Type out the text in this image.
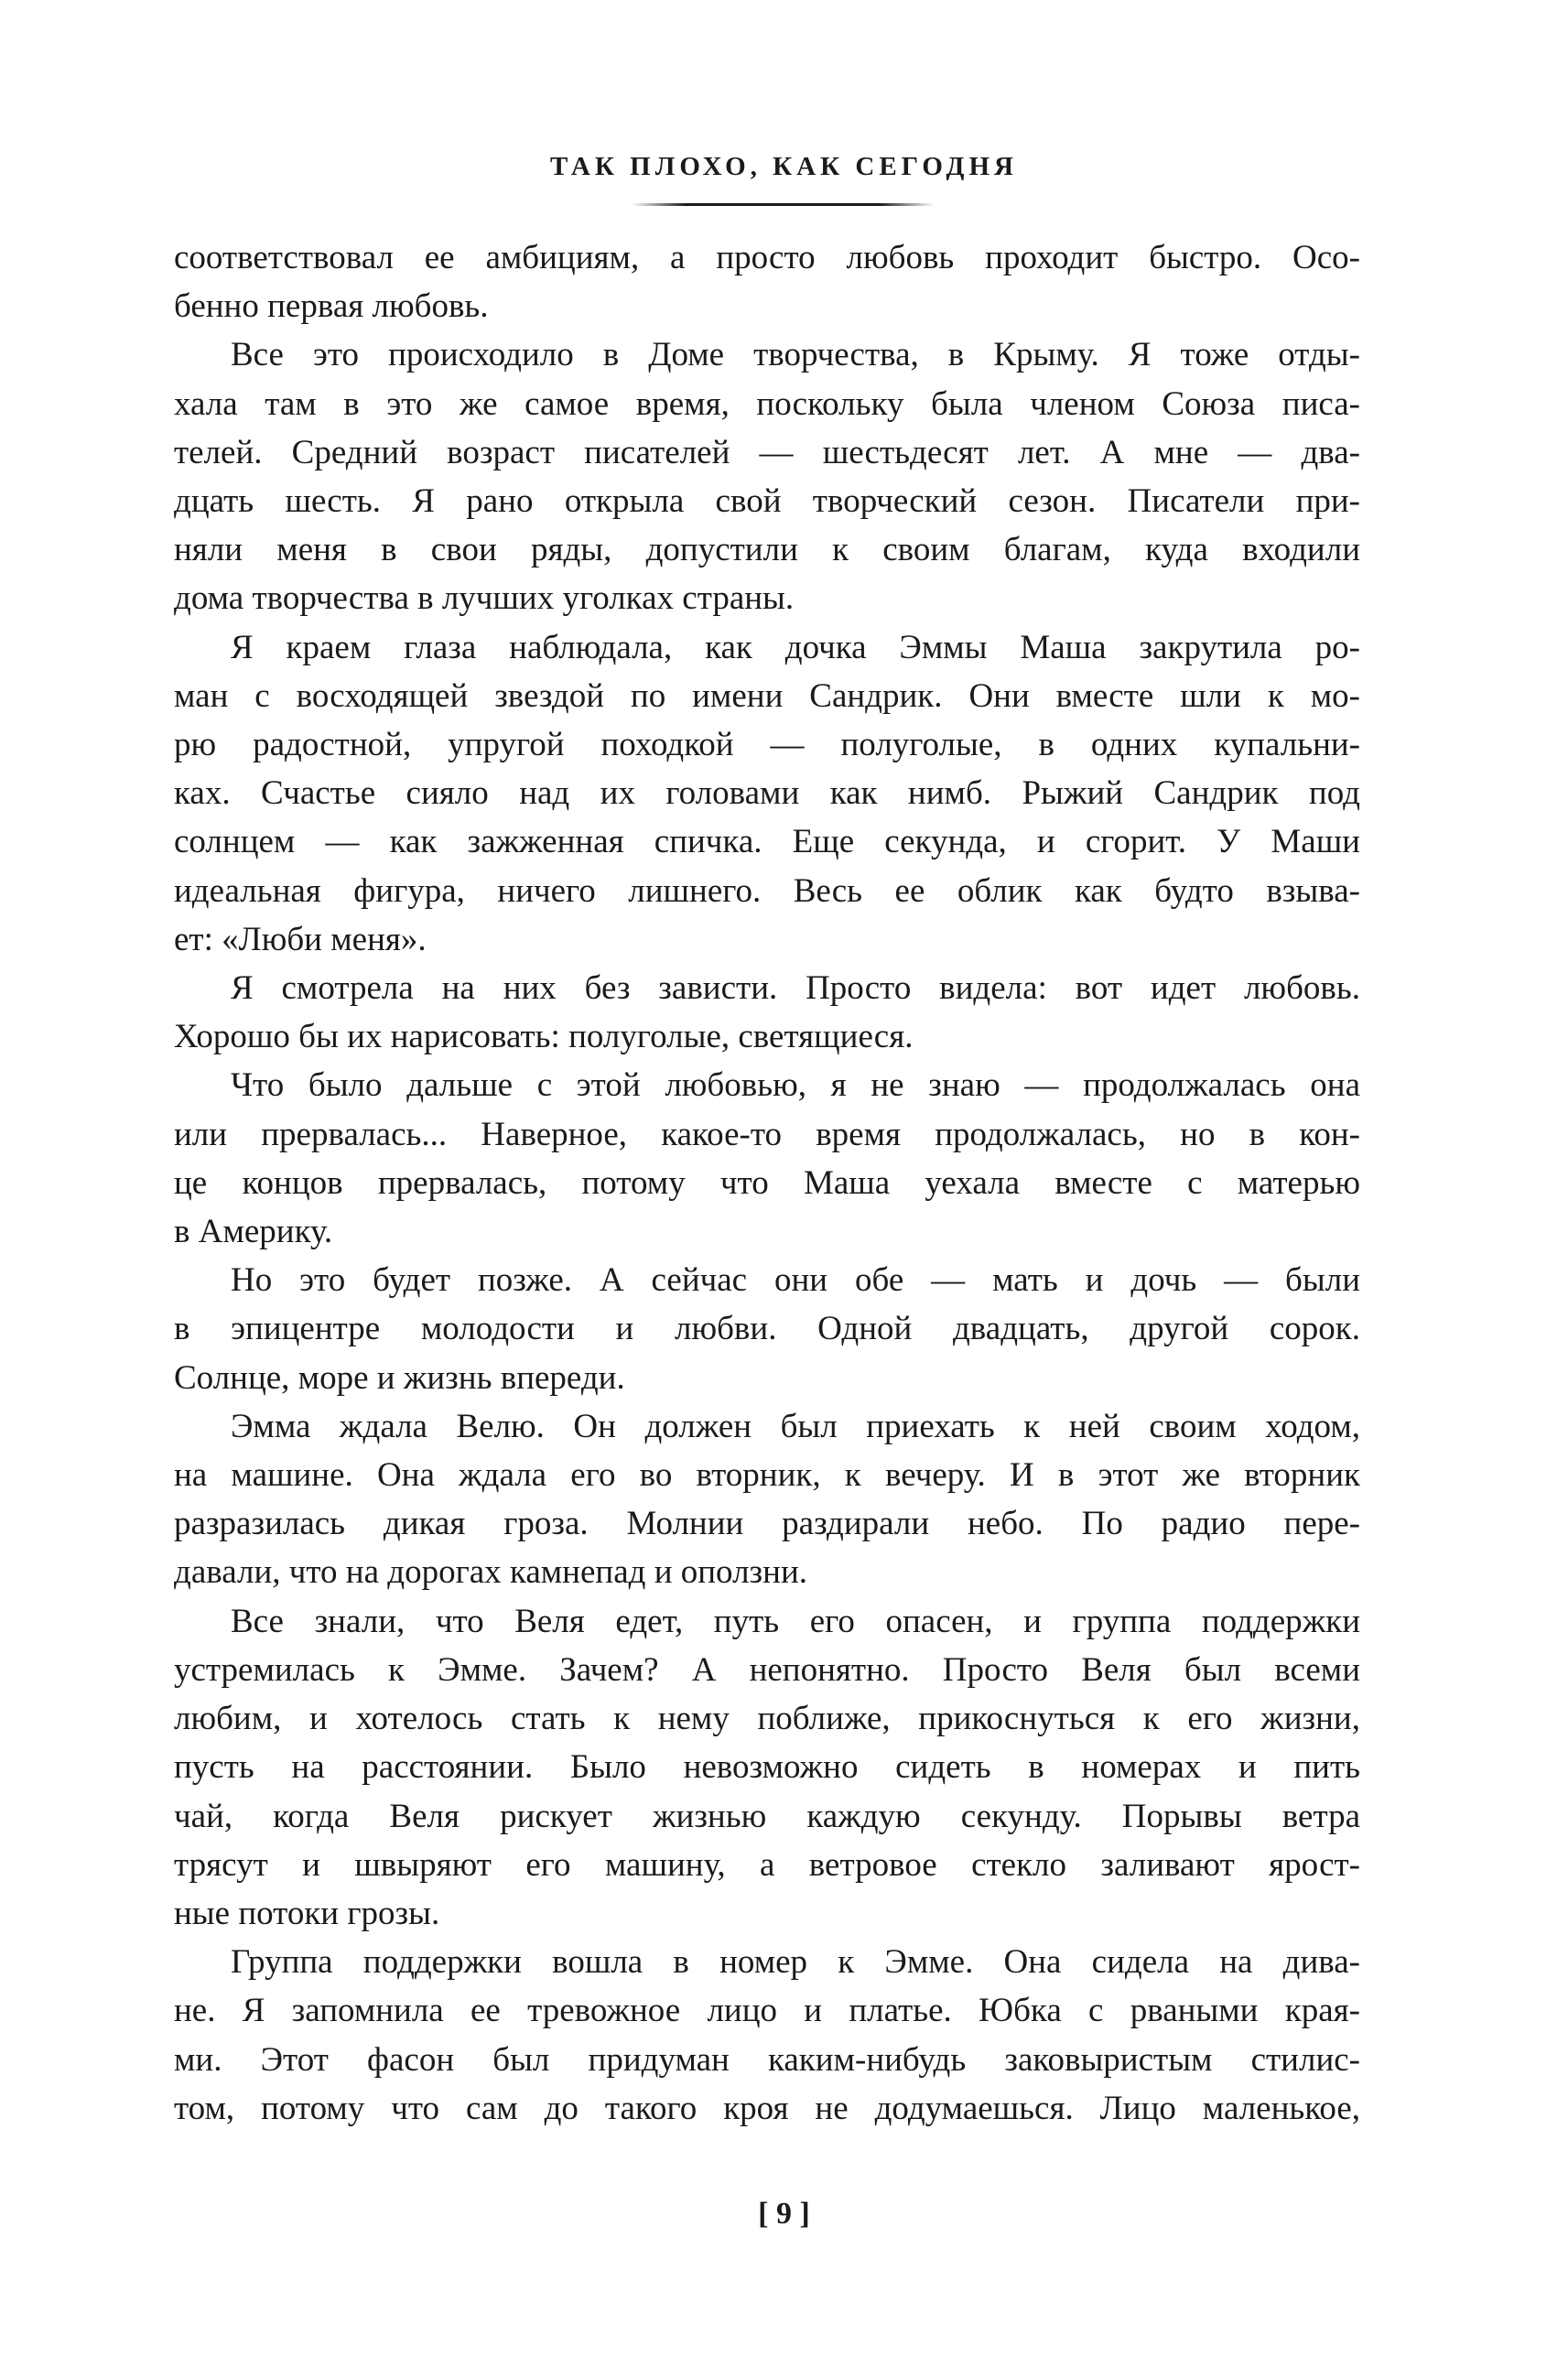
ТАК ПЛОХО, КАК СЕГОДНЯ

соответствовал ее амбициям, а просто любовь проходит быстро. Осо-

бенно первая любовь.

Все это происходило в Доме творчества, в Крыму. Я тоже отды-

хала там в это же самое время, поскольку была членом Союза писа-

телей. Средний возраст писателей — шестьдесят лет. А мне — два-

дцать шесть. Я рано открыла свой творческий сезон. Писатели при-

няли меня в свои ряды, допустили к своим благам, куда входили

дома творчества в лучших уголках страны.

Я краем глаза наблюдала, как дочка Эммы Маша закрутила ро-

ман с восходящей звездой по имени Сандрик. Они вместе шли к мо-

рю радостной, упругой походкой — полуголые, в одних купальни-

ках. Счастье сияло над их головами как нимб. Рыжий Сандрик под

солнцем — как зажженная спичка. Еще секунда, и сгорит. У Маши

идеальная фигура, ничего лишнего. Весь ее облик как будто взыва-

ет: «Люби меня».

Я смотрела на них без зависти. Просто видела: вот идет любовь.

Хорошо бы их нарисовать: полуголые, светящиеся.

Что было дальше с этой любовью, я не знаю — продолжалась она

или прервалась... Наверное, какое-то время продолжалась, но в кон-

це концов прервалась, потому что Маша уехала вместе с матерью

в Америку.

Но это будет позже. А сейчас они обе — мать и дочь — были

в эпицентре молодости и любви. Одной двадцать, другой сорок.

Солнце, море и жизнь впереди.

Эмма ждала Велю. Он должен был приехать к ней своим ходом,

на машине. Она ждала его во вторник, к вечеру. И в этот же вторник

разразилась дикая гроза. Молнии раздирали небо. По радио пере-

давали, что на дорогах камнепад и оползни.

Все знали, что Веля едет, путь его опасен, и группа поддержки

устремилась к Эмме. Зачем? А непонятно. Просто Веля был всеми

любим, и хотелось стать к нему поближе, прикоснуться к его жизни,

пусть на расстоянии. Было невозможно сидеть в номерах и пить

чай, когда Веля рискует жизнью каждую секунду. Порывы ветра

трясут и швыряют его машину, а ветровое стекло заливают ярост-

ные потоки грозы.

Группа поддержки вошла в номер к Эмме. Она сидела на дива-

не. Я запомнила ее тревожное лицо и платье. Юбка с рваными края-

ми. Этот фасон был придуман каким-нибудь заковыристым стилис-

том, потому что сам до такого кроя не додумаешься. Лицо маленькое,

[ 9 ]
